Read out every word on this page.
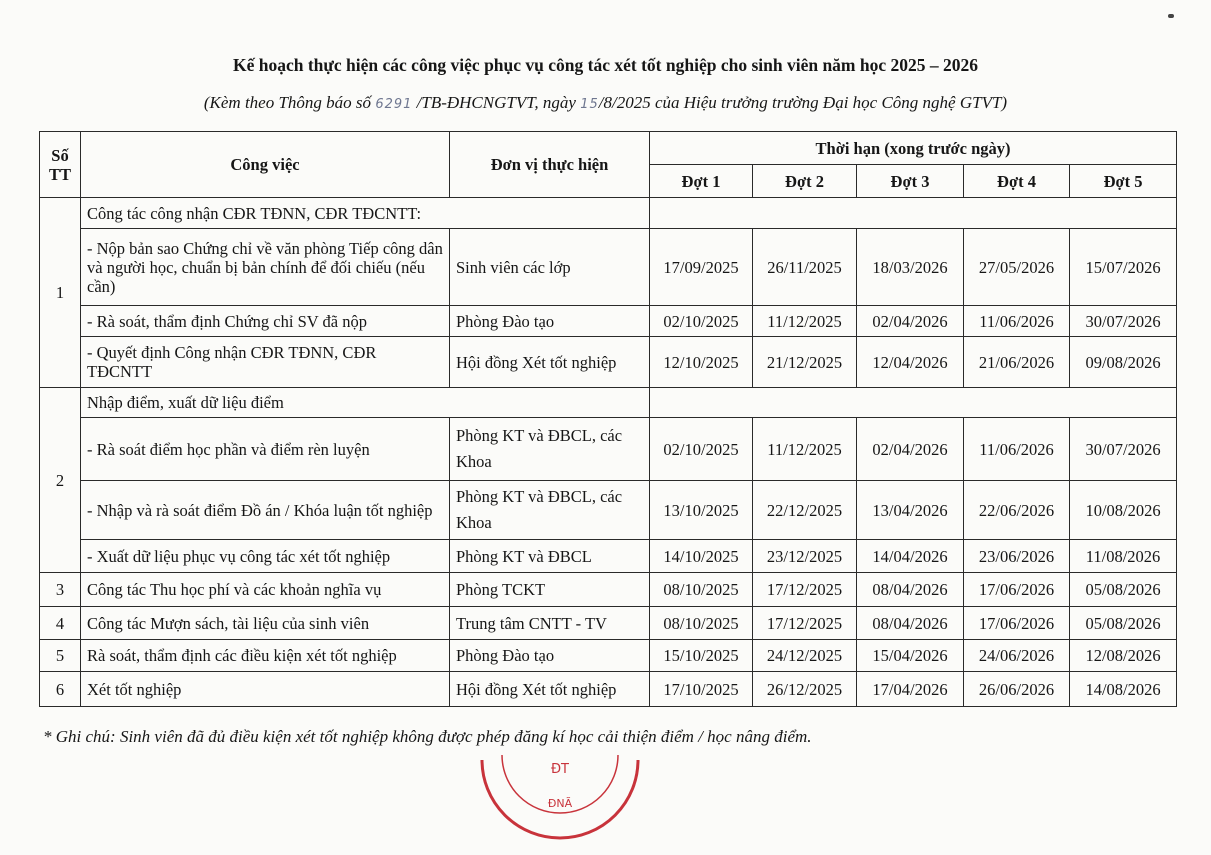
Kế hoạch thực hiện các công việc phục vụ công tác xét tốt nghiệp cho sinh viên năm học 2025 – 2026
(Kèm theo Thông báo số 6291 /TB-ĐHCNGTVT, ngày 15/8/2025 của Hiệu trưởng trường Đại học Công nghệ GTVT)
Số TT	Công việc	Đơn vị thực hiện	Thời hạn (xong trước ngày)				
			Đợt 1	Đợt 2	Đợt 3	Đợt 4	Đợt 5
1	Công tác công nhận CĐR TĐNN, CĐR TĐCNTT:						
	- Nộp bản sao Chứng chỉ về văn phòng Tiếp công dân và người học, chuẩn bị bản chính để đối chiếu (nếu cần)	Sinh viên các lớp	17/09/2025	26/11/2025	18/03/2026	27/05/2026	15/07/2026
	- Rà soát, thẩm định Chứng chỉ SV đã nộp	Phòng Đào tạo	02/10/2025	11/12/2025	02/04/2026	11/06/2026	30/07/2026
	- Quyết định Công nhận CĐR TĐNN, CĐR TĐCNTT	Hội đồng Xét tốt nghiệp	12/10/2025	21/12/2025	12/04/2026	21/06/2026	09/08/2026
2	Nhập điểm, xuất dữ liệu điểm						
	- Rà soát điểm học phần và điểm rèn luyện	Phòng KT và ĐBCL, các Khoa	02/10/2025	11/12/2025	02/04/2026	11/06/2026	30/07/2026
	- Nhập và rà soát điểm Đồ án / Khóa luận tốt nghiệp	Phòng KT và ĐBCL, các Khoa	13/10/2025	22/12/2025	13/04/2026	22/06/2026	10/08/2026
	- Xuất dữ liệu phục vụ công tác xét tốt nghiệp	Phòng KT và ĐBCL	14/10/2025	23/12/2025	14/04/2026	23/06/2026	11/08/2026
3	Công tác Thu học phí và các khoản nghĩa vụ	Phòng TCKT	08/10/2025	17/12/2025	08/04/2026	17/06/2026	05/08/2026
4	Công tác Mượn sách, tài liệu của sinh viên	Trung tâm CNTT - TV	08/10/2025	17/12/2025	08/04/2026	17/06/2026	05/08/2026
5	Rà soát, thẩm định các điều kiện xét tốt nghiệp	Phòng Đào tạo	15/10/2025	24/12/2025	15/04/2026	24/06/2026	12/08/2026
6	Xét tốt nghiệp	Hội đồng Xét tốt nghiệp	17/10/2025	26/12/2025	17/04/2026	26/06/2026	14/08/2026
* Ghi chú: Sinh viên đã đủ điều kiện xét tốt nghiệp không được phép đăng kí học cải thiện điểm / học nâng điểm.
ĐT
ĐNÃ
